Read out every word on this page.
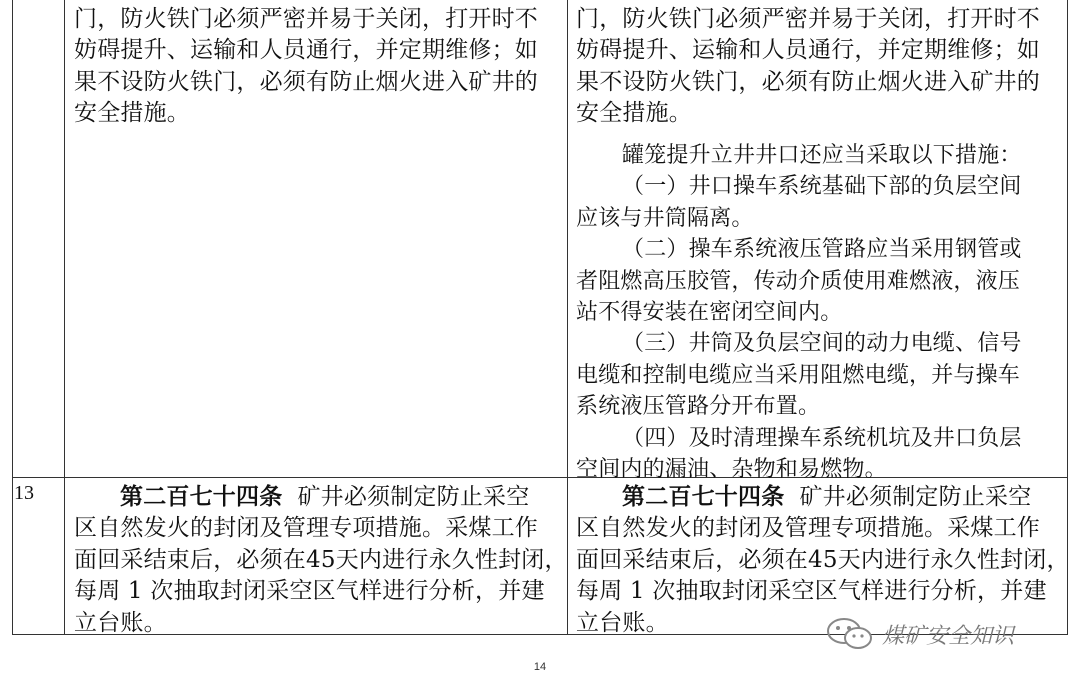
门，防火铁门必须严密并易于关闭，打开时不

妨碍提升、运输和人员通行，并定期维修；如

果不设防火铁门，必须有防止烟火进入矿井的

安全措施。

门，防火铁门必须严密并易于关闭，打开时不

妨碍提升、运输和人员通行，并定期维修；如

果不设防火铁门，必须有防止烟火进入矿井的

安全措施。

罐笼提升立井井口还应当采取以下措施：

（一）井口操车系统基础下部的负层空间

应该与井筒隔离。

（二）操车系统液压管路应当采用钢管或

者阻燃高压胶管，传动介质使用难燃液，液压

站不得安装在密闭空间内。

（三）井筒及负层空间的动力电缆、信号

电缆和控制电缆应当采用阻燃电缆，并与操车

系统液压管路分开布置。

（四）及时清理操车系统机坑及井口负层

空间内的漏油、杂物和易燃物。

13	第二百七十四条 矿井必须制定防止采空

区自然发火的封闭及管理专项措施。采煤工作

面回采结束后，必须在45天内进行永久性封闭，

每周 1 次抽取封闭采空区气样进行分析，并建

立台账。

第二百七十四条 矿井必须制定防止采空

区自然发火的封闭及管理专项措施。采煤工作

面回采结束后，必须在45天内进行永久性封闭，

每周 1 次抽取封闭采空区气样进行分析，并建

立台账。

煤矿安全知识
14
